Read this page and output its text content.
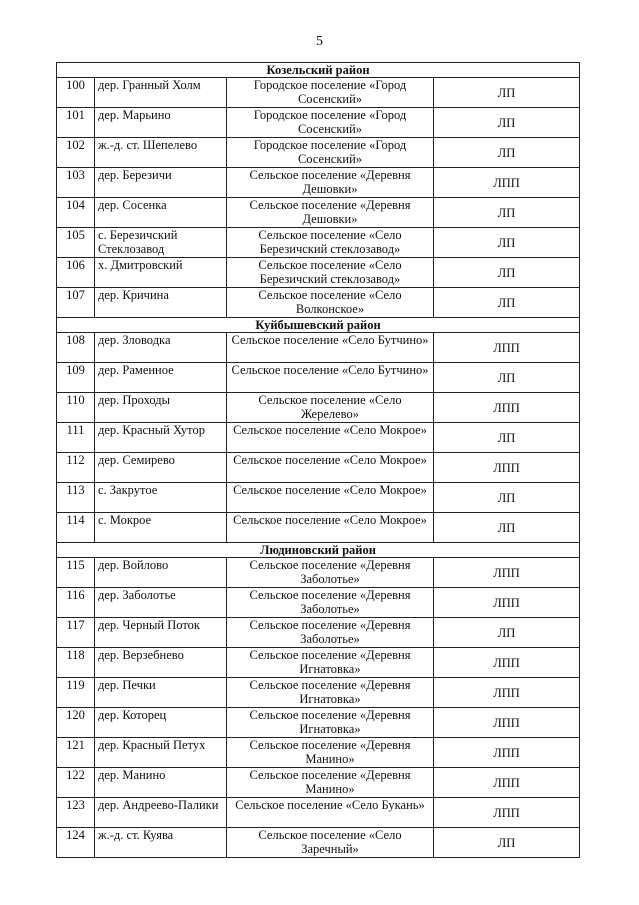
5
Козельский район			
100	дер. Гранный Холм	Городское поселение «Город Сосенский»	ЛП
101	дер. Марьино	Городское поселение «Город Сосенский»	ЛП
102	ж.-д. ст. Шепелево	Городское поселение «Город Сосенский»	ЛП
103	дер. Березичи	Сельское поселение «Деревня Дешовки»	ЛПП
104	дер. Сосенка	Сельское поселение «Деревня Дешовки»	ЛП
105	с. Березичский Стеклозавод	Сельское поселение «Село Березичский стеклозавод»	ЛП
106	х. Дмитровский	Сельское поселение «Село Березичский стеклозавод»	ЛП
107	дер. Кричина	Сельское поселение «Село Волконское»	ЛП
Куйбышевский район			
108	дер. Зловодка	Сельское поселение «Село Бутчино»	ЛПП
109	дер. Раменное	Сельское поселение «Село Бутчино»	ЛП
110	дер. Проходы	Сельское поселение «Село Жерелево»	ЛПП
111	дер. Красный Хутор	Сельское поселение «Село Мокрое»	ЛП
112	дер. Семирево	Сельское поселение «Село Мокрое»	ЛПП
113	с. Закрутое	Сельское поселение «Село Мокрое»	ЛП
114	с. Мокрое	Сельское поселение «Село Мокрое»	ЛП
Людиновский район			
115	дер. Войлово	Сельское поселение «Деревня Заболотье»	ЛПП
116	дер. Заболотье	Сельское поселение «Деревня Заболотье»	ЛПП
117	дер. Черный Поток	Сельское поселение «Деревня Заболотье»	ЛП
118	дер. Верзебнево	Сельское поселение «Деревня Игнатовка»	ЛПП
119	дер. Печки	Сельское поселение «Деревня Игнатовка»	ЛПП
120	дер. Которец	Сельское поселение «Деревня Игнатовка»	ЛПП
121	дер. Красный Петух	Сельское поселение «Деревня Манино»	ЛПП
122	дер. Манино	Сельское поселение «Деревня Манино»	ЛПП
123	дер. Андреево-Палики	Сельское поселение «Село Букань»	ЛПП
124	ж.-д. ст. Куява	Сельское поселение «Село Заречный»	ЛП
